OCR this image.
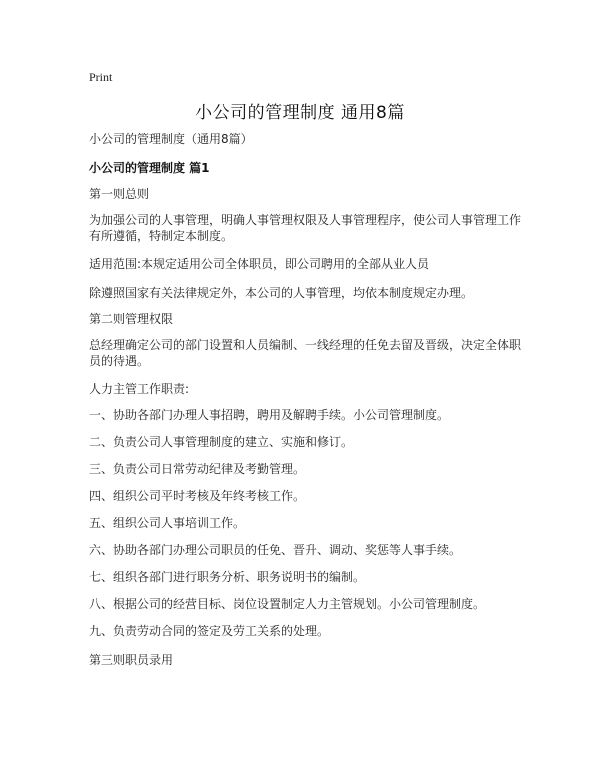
Print
小公司的管理制度 通用8篇
小公司的管理制度（通用8篇）
小公司的管理制度 篇1
第一则总则
为加强公司的人事管理，明确人事管理权限及人事管理程序，使公司人事管理工作有所遵循，特制定本制度。
适用范围:本规定适用公司全体职员，即公司聘用的全部从业人员
除遵照国家有关法律规定外，本公司的人事管理，均依本制度规定办理。
第二则管理权限
总经理确定公司的部门设置和人员编制、一线经理的任免去留及晋级，决定全体职员的待遇。
人力主管工作职责:
一、协助各部门办理人事招聘，聘用及解聘手续。小公司管理制度。
二、负责公司人事管理制度的建立、实施和修订。
三、负责公司日常劳动纪律及考勤管理。
四、组织公司平时考核及年终考核工作。
五、组织公司人事培训工作。
六、协助各部门办理公司职员的任免、晋升、调动、奖惩等人事手续。
七、组织各部门进行职务分析、职务说明书的编制。
八、根据公司的经营目标、岗位设置制定人力主管规划。小公司管理制度。
九、负责劳动合同的签定及劳工关系的处理。
第三则职员录用
